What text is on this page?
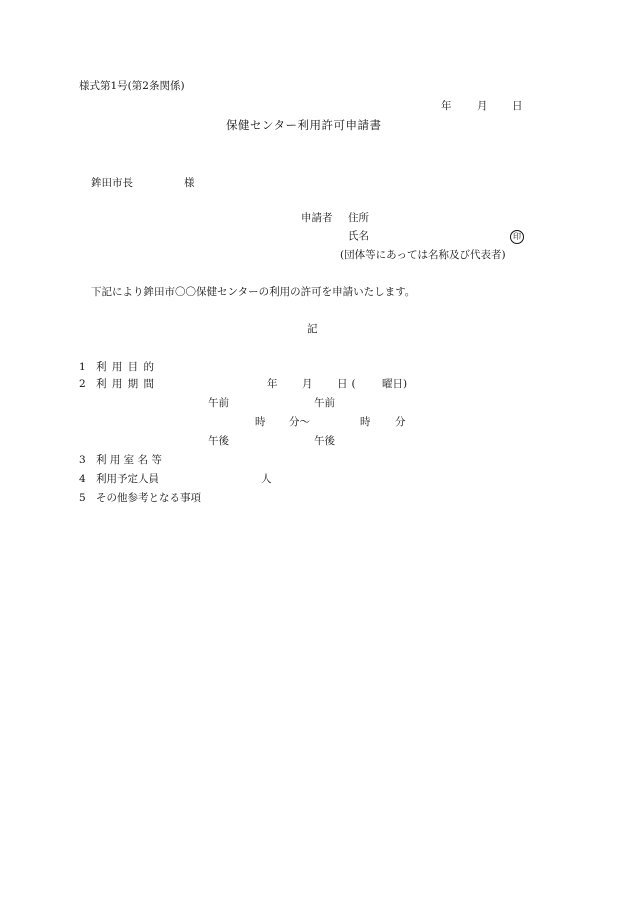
様式第1号(第2条関係)
年 月 日
保健センター利用許可申請書
鉾田市長	様
申請者 住所
氏名	印
(団体等にあっては名称及び代表者)
下記により鉾田市〇〇保健センターの利用の許可を申請いたします。
記
1 利 用 目 的
2 利 用 期 間	年 月 日( 曜日)
午前	午前
時 分〜	時 分
午後	午後
3 利 用 室 名 等
4 利用予定人員	人
5 その他参考となる事項
